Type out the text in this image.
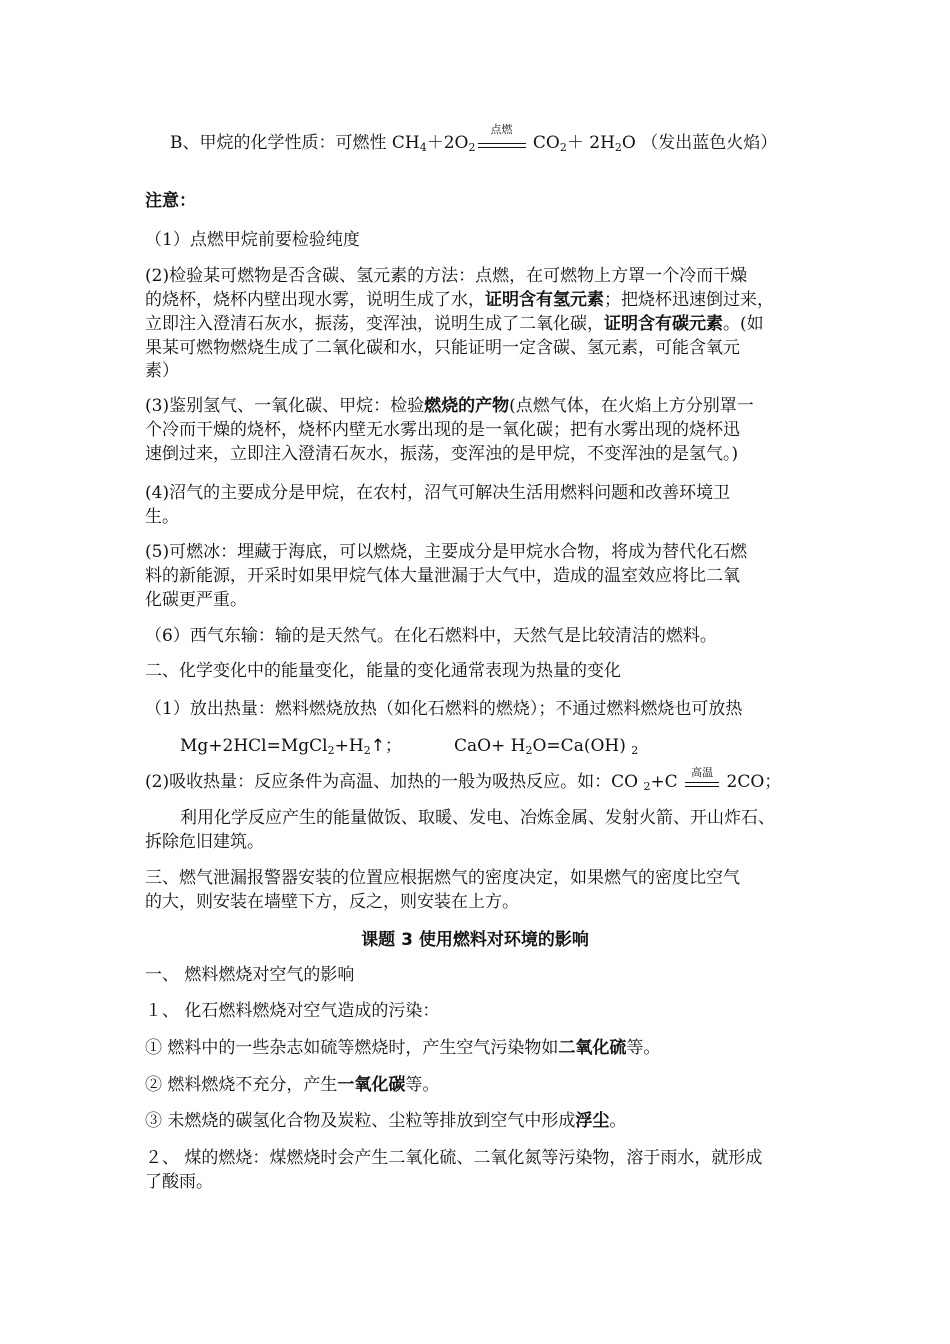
B、甲烷的化学性质：可燃性 $CH_4+2O_2$
点燃
$CO_2+ 2H_2O$ （发出蓝色火焰）
注意：
（1）点燃甲烷前要检验纯度
(2)检验某可燃物是否含碳、氢元素的方法：点燃，在可燃物上方罩一个冷而干燥
的烧杯，烧杯内壁出现水雾，说明生成了水，证明含有氢元素；把烧杯迅速倒过来，
立即注入澄清石灰水，振荡，变浑浊，说明生成了二氧化碳，证明含有碳元素。(如
果某可燃物燃烧生成了二氧化碳和水，只能证明一定含碳、氢元素，可能含氧元
素）
(3)鉴别氢气、一氧化碳、甲烷：检验燃烧的产物(点燃气体，在火焰上方分别罩一
个冷而干燥的烧杯，烧杯内壁无水雾出现的是一氧化碳；把有水雾出现的烧杯迅
速倒过来，立即注入澄清石灰水，振荡，变浑浊的是甲烷，不变浑浊的是氢气。)
(4)沼气的主要成分是甲烷，在农村，沼气可解决生活用燃料问题和改善环境卫
生。
(5)可燃冰：埋藏于海底，可以燃烧，主要成分是甲烷水合物，将成为替代化石燃
料的新能源，开采时如果甲烷气体大量泄漏于大气中，造成的温室效应将比二氧
化碳更严重。
（6）西气东输：输的是天然气。在化石燃料中，天然气是比较清洁的燃料。
二、化学变化中的能量变化，能量的变化通常表现为热量的变化
（1）放出热量：燃料燃烧放热（如化石燃料的燃烧）；不通过燃料燃烧也可放热
$Mg+2HCl=MgCl_2+H_2↑$；	$CaO+ H_2O=Ca(OH)$ $_2$
(2)吸收热量：反应条件为高温、加热的一般为吸热反应。如：CO $_2$+C	高温 2CO；
利用化学反应产生的能量做饭、取暖、发电、冶炼金属、发射火箭、开山炸石、
拆除危旧建筑。
三、燃气泄漏报警器安装的位置应根据燃气的密度决定，如果燃气的密度比空气
的大，则安装在墙壁下方，反之，则安装在上方。
课题 3 使用燃料对环境的影响
一、 燃料燃烧对空气的影响
１、 化石燃料燃烧对空气造成的污染：
① 燃料中的一些杂志如硫等燃烧时，产生空气污染物如二氧化硫等。
② 燃料燃烧不充分，产生一氧化碳等。
③ 未燃烧的碳氢化合物及炭粒、尘粒等排放到空气中形成浮尘。
２、 煤的燃烧：煤燃烧时会产生二氧化硫、二氧化氮等污染物，溶于雨水，就形成
了酸雨。
